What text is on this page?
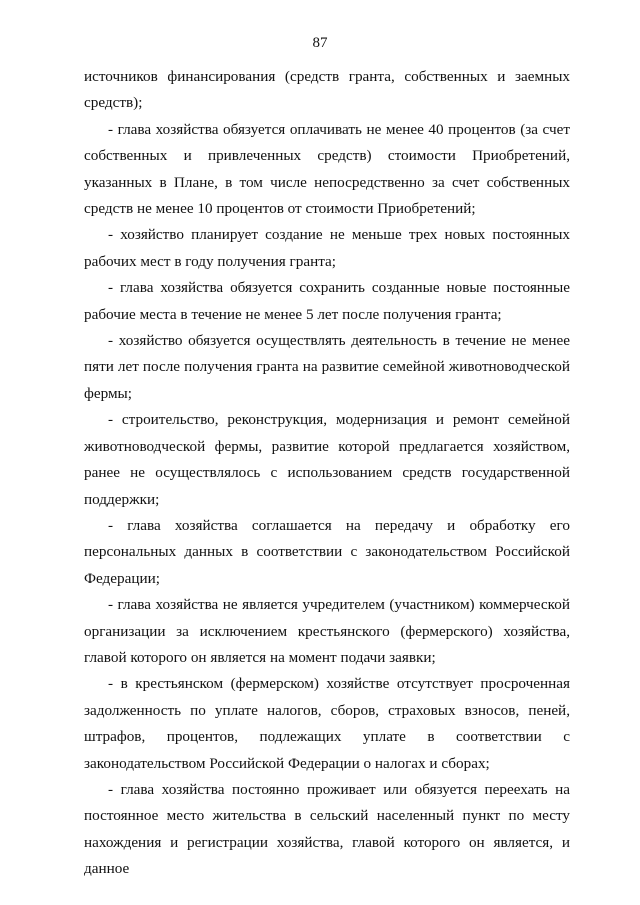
87

источников финансирования (средств гранта, собственных и заемных средств);

- глава хозяйства обязуется оплачивать не менее 40 процентов (за счет собственных и привлеченных средств) стоимости Приобретений, указанных в Плане, в том числе непосредственно за счет собственных средств не менее 10 процентов от стоимости Приобретений;

- хозяйство планирует создание не меньше трех новых постоянных рабочих мест в году получения гранта;

- глава хозяйства обязуется сохранить созданные новые постоянные рабочие места в течение не менее 5 лет после получения гранта;

- хозяйство обязуется осуществлять деятельность в течение не менее пяти лет после получения гранта на развитие семейной животноводческой фермы;

- строительство, реконструкция, модернизация и ремонт семейной животноводческой фермы, развитие которой предлагается хозяйством, ранее не осуществлялось с использованием средств государственной поддержки;

- глава хозяйства соглашается на передачу и обработку его персональных данных в соответствии с законодательством Российской Федерации;

- глава хозяйства не является учредителем (участником) коммерческой организации за исключением крестьянского (фермерского) хозяйства, главой которого он является на момент подачи заявки;

- в крестьянском (фермерском) хозяйстве отсутствует просроченная задолженность по уплате налогов, сборов, страховых взносов, пеней, штрафов, процентов, подлежащих уплате в соответствии с законодательством Российской Федерации о налогах и сборах;

- глава хозяйства постоянно проживает или обязуется переехать на постоянное место жительства в сельский населенный пункт по месту нахождения и регистрации хозяйства, главой которого он является, и данное
